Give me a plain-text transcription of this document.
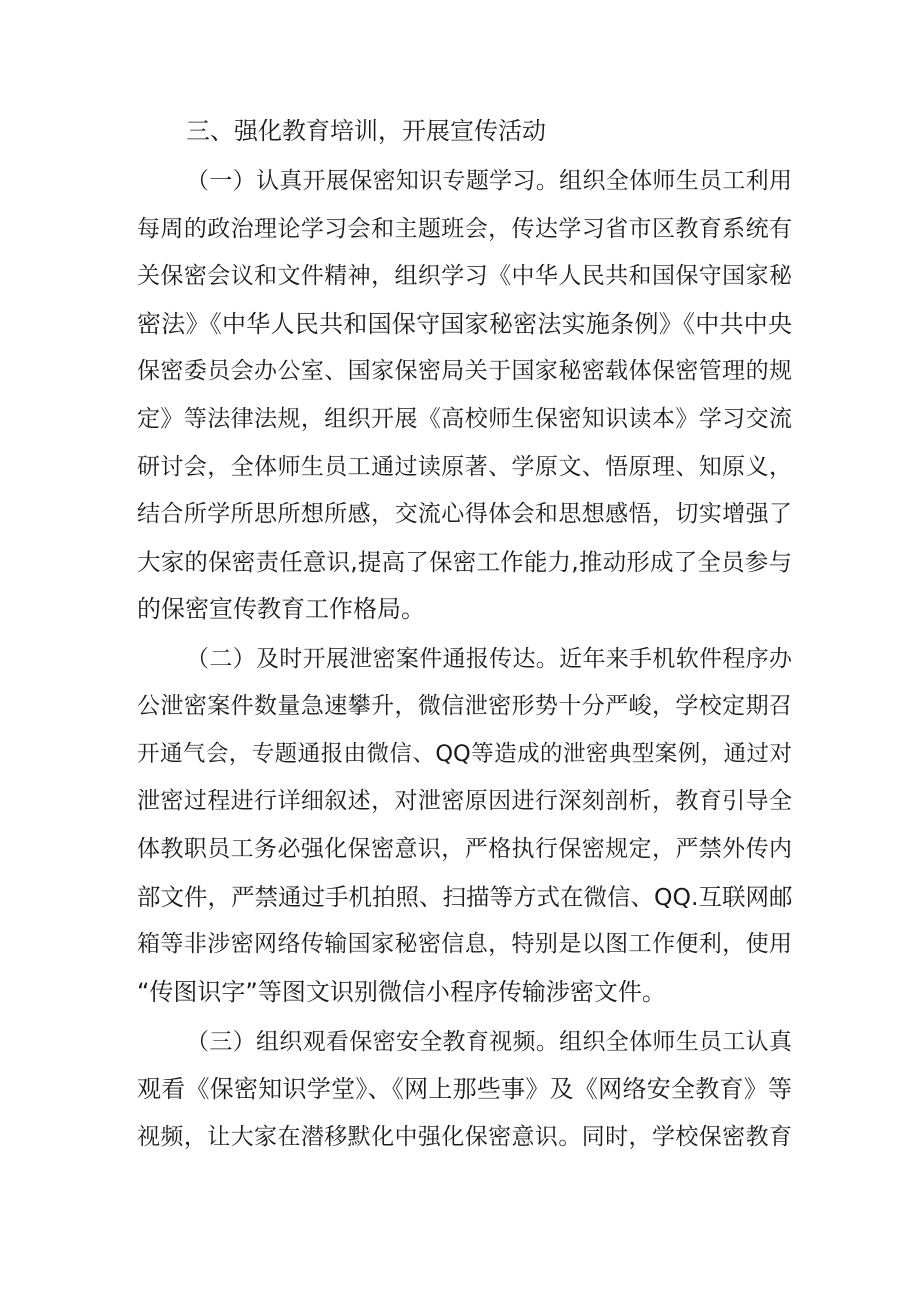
三、强化教育培训，开展宣传活动
（一）认真开展保密知识专题学习。组织全体师生员工利用
每周的政治理论学习会和主题班会，传达学习省市区教育系统有
关保密会议和文件精神，组织学习《中华人民共和国保守国家秘
密法》《中华人民共和国保守国家秘密法实施条例》《中共中央
保密委员会办公室、国家保密局关于国家秘密载体保密管理的规
定》等法律法规，组织开展《高校师生保密知识读本》学习交流
研讨会，全体师生员工通过读原著、学原文、悟原理、知原义，
结合所学所思所想所感，交流心得体会和思想感悟，切实增强了
大家的保密责任意识,提高了保密工作能力,推动形成了全员参与
的保密宣传教育工作格局。
（二）及时开展泄密案件通报传达。近年来手机软件程序办
公泄密案件数量急速攀升，微信泄密形势十分严峻，学校定期召
开通气会，专题通报由微信、QQ等造成的泄密典型案例，通过对
泄密过程进行详细叙述，对泄密原因进行深刻剖析，教育引导全
体教职员工务必强化保密意识，严格执行保密规定，严禁外传内
部文件，严禁通过手机拍照、扫描等方式在微信、QQ.互联网邮
箱等非涉密网络传输国家秘密信息，特别是以图工作便利，使用
“传图识字”等图文识别微信小程序传输涉密文件。
（三）组织观看保密安全教育视频。组织全体师生员工认真
观看《保密知识学堂》、《网上那些事》及《网络安全教育》等
视频，让大家在潜移默化中强化保密意识。同时，学校保密教育
